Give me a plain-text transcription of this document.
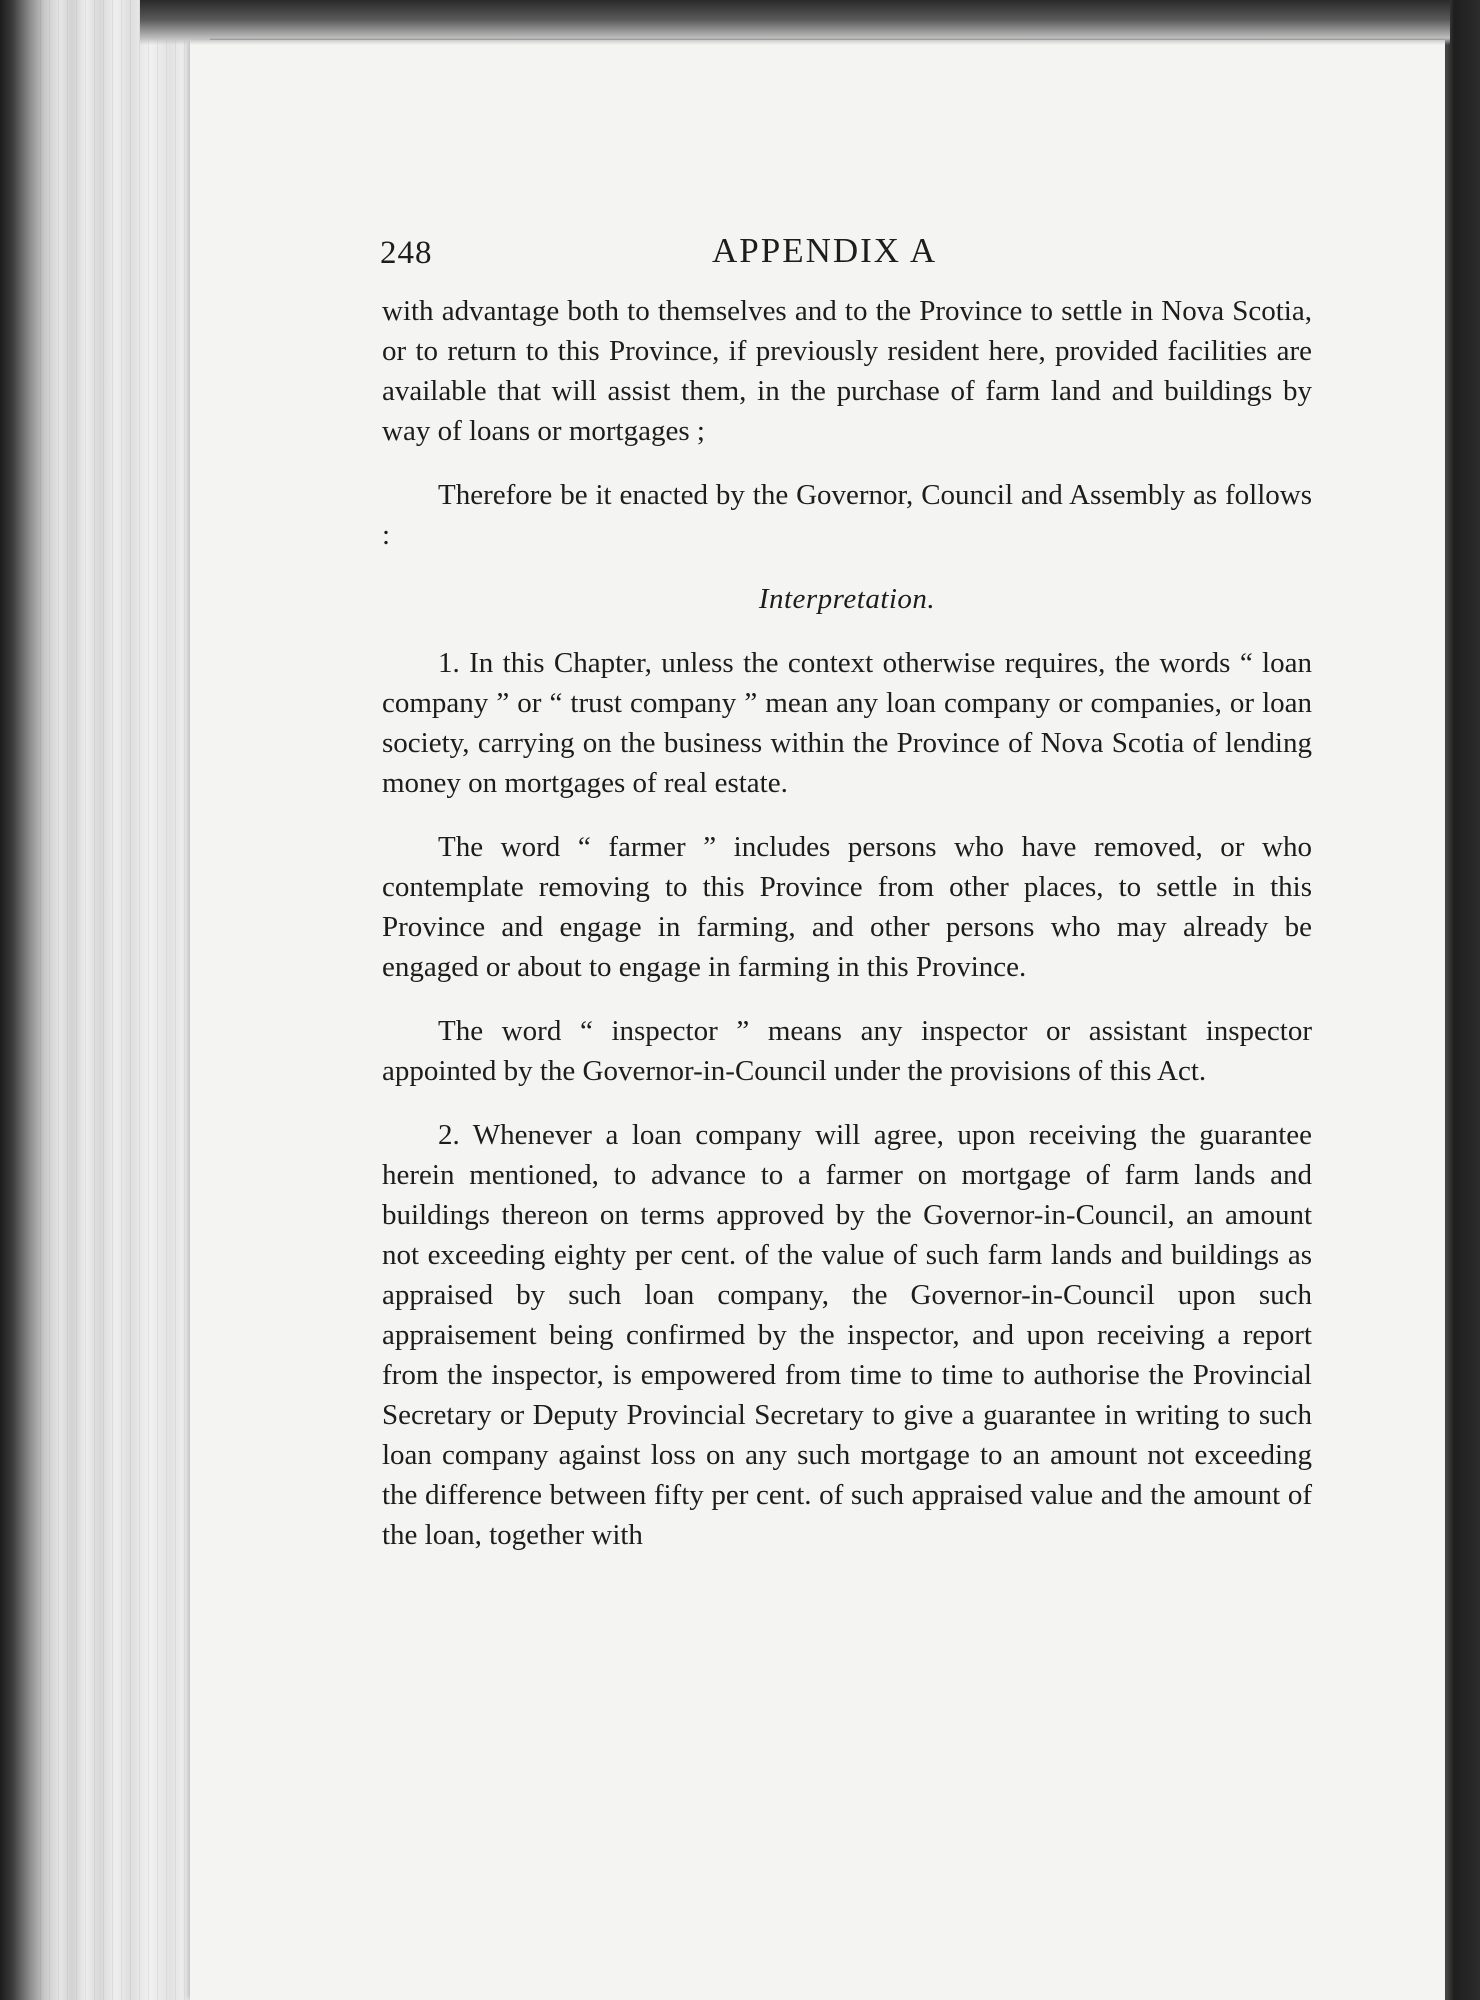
248	APPENDIX A

with advantage both to themselves and to the Province to settle in Nova Scotia, or to return to this Province, if previously resident here, provided facilities are available that will assist them, in the purchase of farm land and buildings by way of loans or mortgages ;

Therefore be it enacted by the Governor, Council and Assembly as follows :

Interpretation.

1. In this Chapter, unless the context otherwise requires, the words “ loan company ” or “ trust company ” mean any loan company or companies, or loan society, carrying on the business within the Province of Nova Scotia of lending money on mortgages of real estate.

The word “ farmer ” includes persons who have removed, or who contemplate removing to this Province from other places, to settle in this Province and engage in farming, and other persons who may already be engaged or about to engage in farming in this Province.

The word “ inspector ” means any inspector or assistant inspector appointed by the Governor-in-Council under the provisions of this Act.

2. Whenever a loan company will agree, upon receiving the guarantee herein mentioned, to advance to a farmer on mortgage of farm lands and buildings thereon on terms approved by the Governor-in-Council, an amount not exceeding eighty per cent. of the value of such farm lands and buildings as appraised by such loan company, the Governor-in-Council upon such appraisement being confirmed by the inspector, and upon receiving a report from the inspector, is empowered from time to time to authorise the Provincial Secretary or Deputy Provincial Secretary to give a guarantee in writing to such loan company against loss on any such mortgage to an amount not exceeding the difference between fifty per cent. of such appraised value and the amount of the loan, together with
